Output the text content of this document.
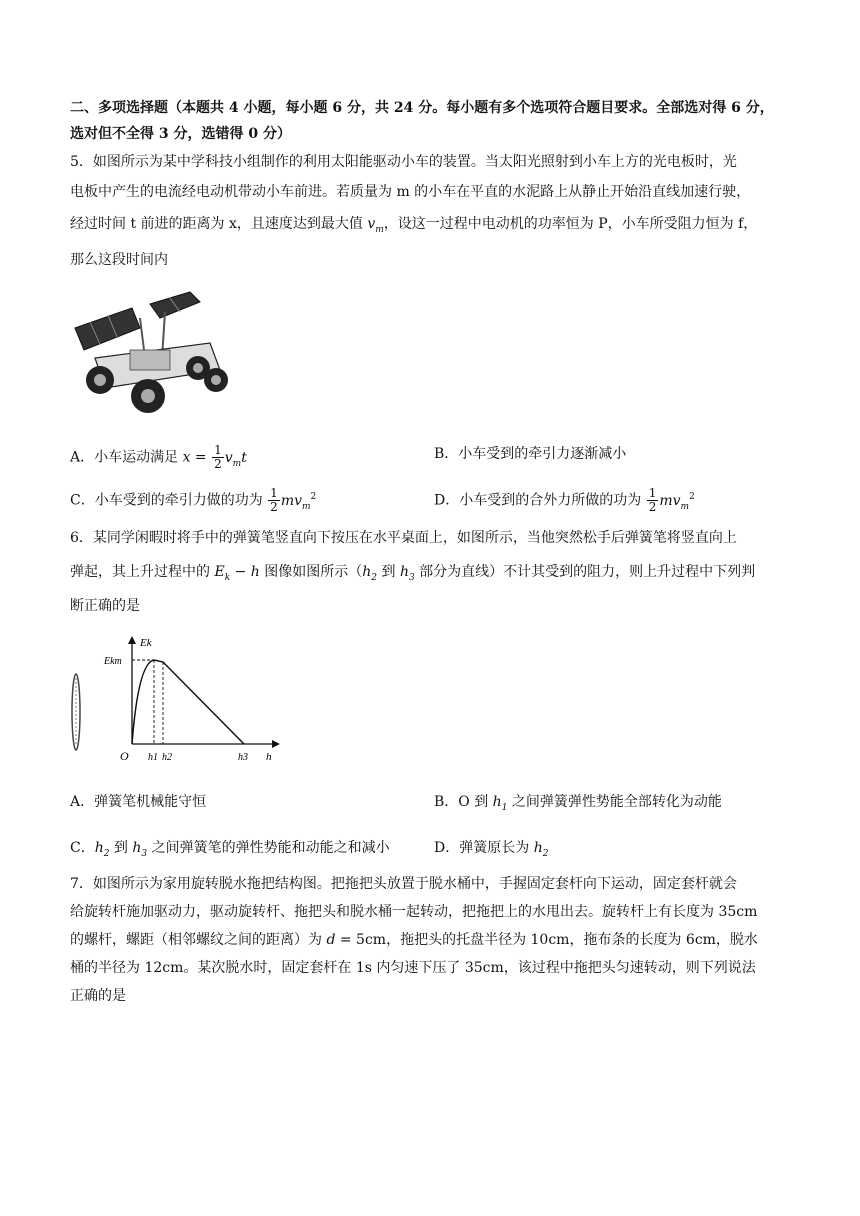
二、多项选择题（本题共 4 小题，每小题 6 分，共 24 分。每小题有多个选项符合题目要求。全部选对得 6 分，
选对但不全得 3 分，选错得 0 分）
5．如图所示为某中学科技小组制作的利用太阳能驱动小车的装置。当太阳光照射到小车上方的光电板时，光
电板中产生的电流经电动机带动小车前进。若质量为 m 的小车在平直的水泥路上从静止开始沿直线加速行驶，
经过时间 t 前进的距离为 x，且速度达到最大值 $v_m$，设这一过程中电动机的功率恒为 P，小车所受阻力恒为 f，
那么这段时间内
A．小车运动满足 $x = \frac{1}{2} v_mt$	B．小车受到的牵引力逐渐减小
C．小车受到的牵引力做的功为 $\frac{1}{2} mv_m^2$	D．小车受到的合外力所做的功为 $\frac{1}{2} mv_m^2$
6．某同学闲暇时将手中的弹簧笔竖直向下按压在水平桌面上，如图所示，当他突然松手后弹簧笔将竖直向上
弹起，其上升过程中的 $E_k - h$ 图像如图所示（$h_2$ 到 $h_3$ 部分为直线）不计其受到的阻力，则上升过程中下列判
断正确的是
Ek
Ekm
O h1 h2	h3 h
A．弹簧笔机械能守恒	B．O 到 $h_1$ 之间弹簧弹性势能全部转化为动能
C．$h_2$ 到 $h_3$ 之间弹簧笔的弹性势能和动能之和减小	D．弹簧原长为 $h_2$
7．如图所示为家用旋转脱水拖把结构图。把拖把头放置于脱水桶中，手握固定套杆向下运动，固定套杆就会
给旋转杆施加驱动力，驱动旋转杆、拖把头和脱水桶一起转动，把拖把上的水甩出去。旋转杆上有长度为 35cm
的螺杆，螺距（相邻螺纹之间的距离）为 d = 5cm，拖把头的托盘半径为 10cm，拖布条的长度为 6cm，脱水
桶的半径为 12cm。某次脱水时，固定套杆在 1s 内匀速下压了 35cm，该过程中拖把头匀速转动，则下列说法
正确的是
